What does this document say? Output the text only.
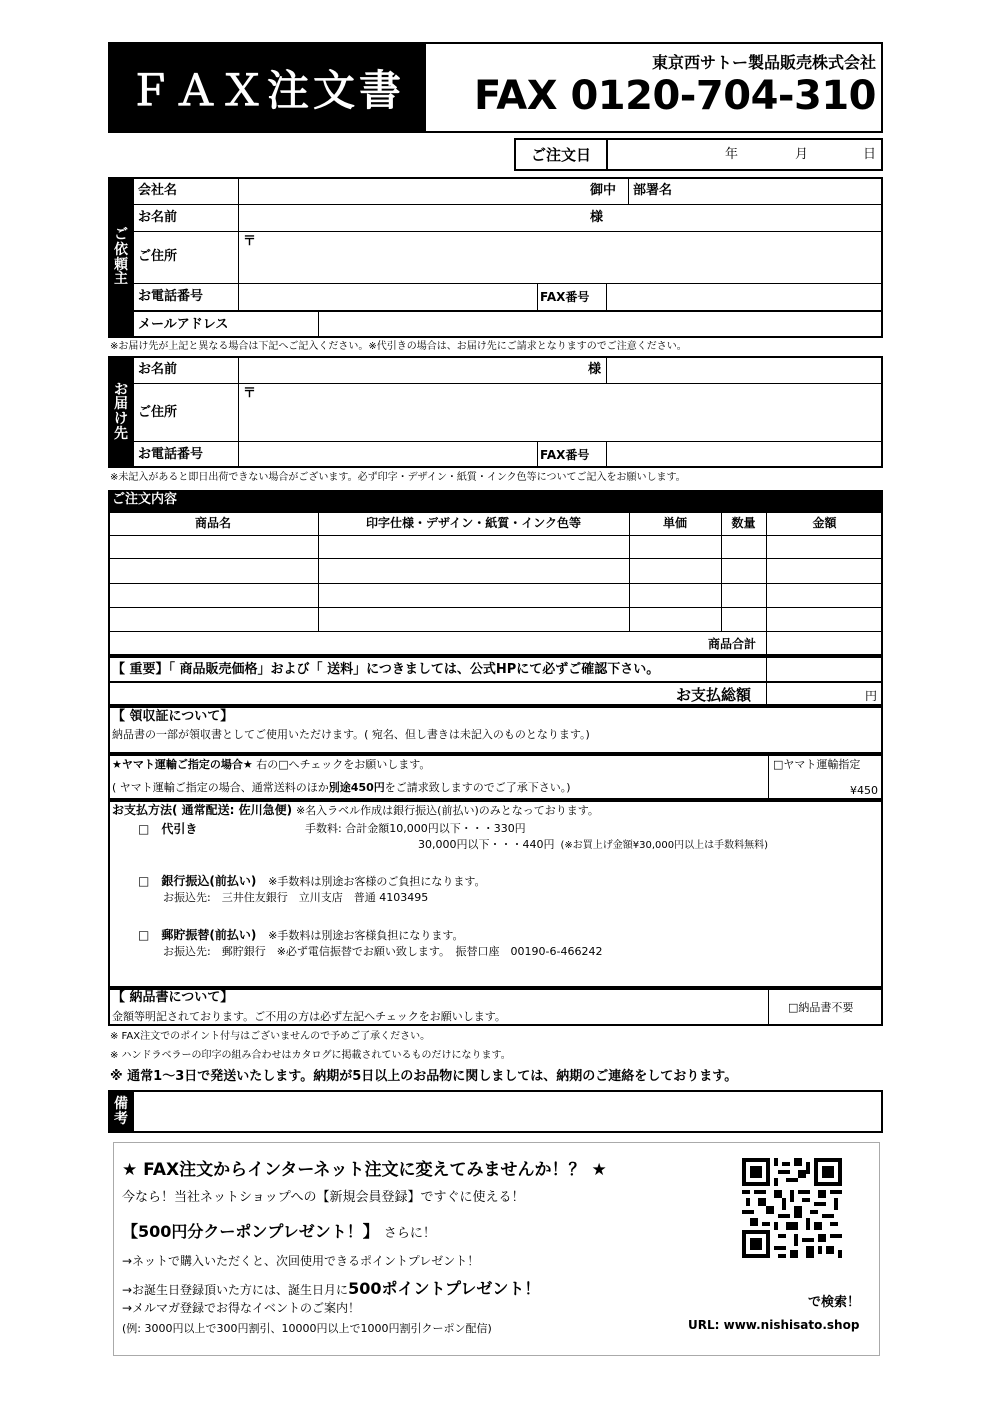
ＦＡＸ注文書
東京西サトー製品販売株式会社
FAX 0120-704-310
ご注文日	年	月	日
ご
依
頼
主
会社名	御中 部署名
お名前	様
ご住所
〒
お電話番号	FAX番号
メールアドレス
※お届け先が上記と異なる場合は下記へご記入ください。※代引きの場合は、お届け先にご請求となりますのでご注意ください。
お
届
け
先
お名前	様
ご住所
〒
お電話番号	FAX番号
※未記入があると即日出荷できない場合がございます。必ず印字・デザイン・紙質・インク色等についてご記入をお願いします。
ご注文内容
商品名	印字仕様・デザイン・紙質・インク色等	単価	数量	金額
商品合計
【 重要】「 商品販売価格」および「 送料」につきましては、公式HPにて必ずご確認下さい。
お支払総額	円
【 領収証について】
納品書の一部が領収書としてご使用いただけます。( 宛名、但し書きは未記入のものとなります。)
★ヤマト運輸ご指定の場合★ 右の□へチェックをお願いします。
( ヤマト運輸ご指定の場合、通常送料のほか別途450円をご請求致しますのでご了承下さい。)
□ヤマト運輸指定
¥450
お支払方法( 通常配送: 佐川急便) ※名入ラベル作成は銀行振込(前払い)のみとなっております。
□　代引き	手数料: 合計金額10,000円以下・・・330円
30,000円以下・・・440円 (※お買上げ金額¥30,000円以上は手数料無料)
□　銀行振込(前払い) ※手数料は別途お客様のご負担になります。
お振込先:　三井住友銀行　立川支店　普通 4103495
□　郵貯振替(前払い) ※手数料は別途お客様負担になります。
お振込先:　郵貯銀行　※必ず電信振替でお願い致します。　振替口座　00190-6-466242
【 納品書について】
金額等明記されております。ご不用の方は必ず左記へチェックをお願いします。
□納品書不要
※ FAX注文でのポイント付与はございませんので予めご了承ください。
※ ハンドラベラーの印字の組み合わせはカタログに掲載されているものだけになります。
※ 通常1～3日で発送いたします。納期が5日以上のお品物に関しましては、納期のご連絡をしております。
備
考
★ FAX注文からインターネット注文に変えてみませんか！？ ★
今なら！当社ネットショップへの【新規会員登録】ですぐに使える！
【500円分クーポンプレゼント！】 さらに！
→ネットで購入いただくと、次回使用できるポイントプレゼント！
→お誕生日登録頂いた方には、誕生日月に500ポイントプレゼント！
→メルマガ登録でお得なイベントのご案内！
(例: 3000円以上で300円割引、10000円以上で1000円割引クーポン配信)
で検索！
URL: www.nishisato.shop
